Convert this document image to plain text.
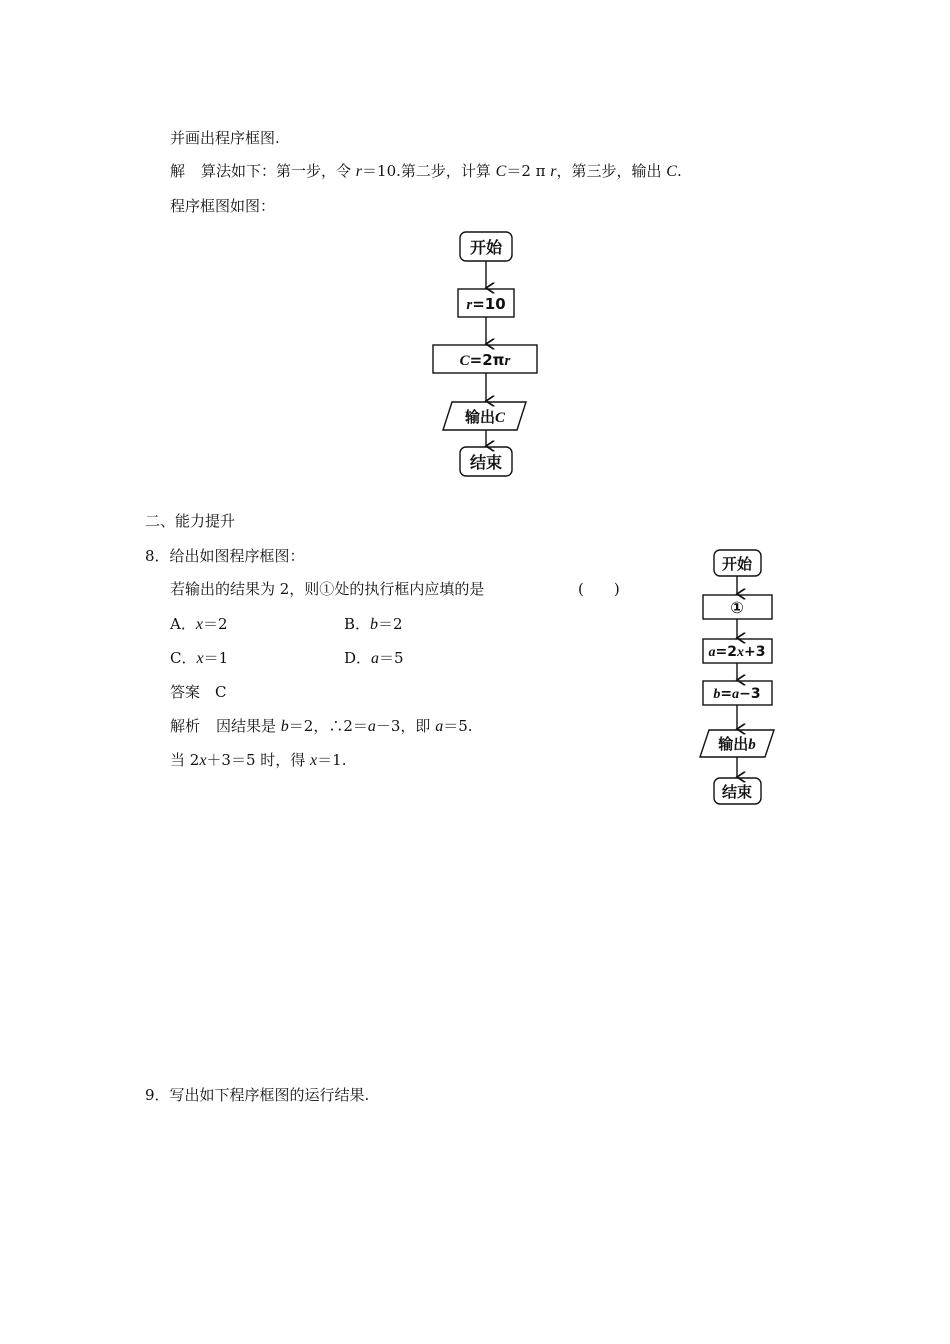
并画出程序框图.
解 算法如下：第一步，令 r＝10.第二步，计算 C＝2 π r，第三步，输出 C.
程序框图如图：
开始
r=10
C=2πr
输出C
结束
开始
①
a=2x+3
b=a−3
输出b
结束
二、能力提升
8．给出如图程序框图：
若输出的结果为 2，则①处的执行框内应填的是	(　　)
A．x＝2	B．b＝2
C．x＝1	D．a＝5
答案　C
解析 因结果是 b＝2，∴2＝a－3，即 a＝5.
当 2x＋3＝5 时，得 x＝1.
9．写出如下程序框图的运行结果.
